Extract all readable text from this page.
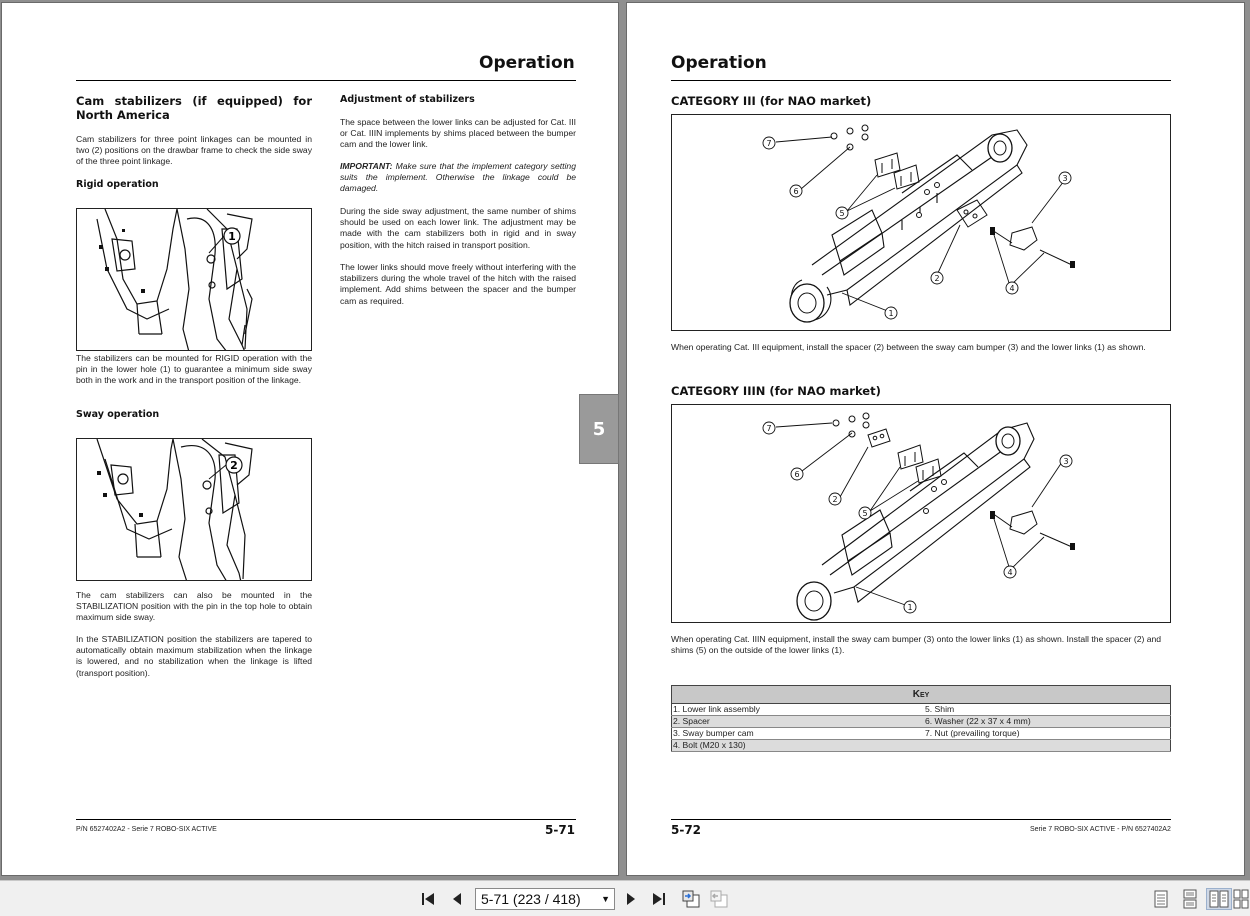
Operation
Cam stabilizers (if equipped) for North America
Cam stabilizers for three point linkages can be mounted in two (2) positions on the drawbar frame to check the side sway of the three point linkage.
Rigid operation
1
The stabilizers can be mounted for RIGID operation with the pin in the lower hole (1) to guarantee a minimum side sway both in the work and in the transport position of the linkage.
Sway operation
2
The cam stabilizers can also be mounted in the STABILIZATION position with the pin in the top hole to obtain maximum side sway.
In the STABILIZATION position the stabilizers are tapered to automatically obtain maximum stabilization when the linkage is lowered, and no stabilization when the linkage is lifted (transport position).
Adjustment of stabilizers
The space between the lower links can be adjusted for Cat. III or Cat. IIIN implements by shims placed between the bumper cam and the lower link.
IMPORTANT: Make sure that the implement category setting suits the implement. Otherwise the linkage could be damaged.
During the side sway adjustment, the same number of shims should be used on each lower link. The adjustment may be made with the cam stabilizers both in rigid and in sway position, with the hitch raised in transport position.
The lower links should move freely without interfering with the stabilizers during the whole travel of the hitch with the raised implement. Add shims between the spacer and the bumper cam as required.
P/N 6527402A2 - Serie 7 ROBO-SIX ACTIVE	5-71
5
Operation
CATEGORY III (for NAO market)
7
6
5
2
3
4
1
When operating Cat. III equipment, install the spacer (2) between the sway cam bumper (3) and the lower links (1) as shown.
CATEGORY IIIN (for NAO market)
7
6
2
5
3
4
1
When operating Cat. IIIN equipment, install the sway cam bumper (3) onto the lower links (1) as shown. Install the spacer (2) and shims (5) on the outside of the lower links (1).
Key	
1. Lower link assembly	5. Shim
2. Spacer	6. Washer (22 x 37 x 4 mm)
3. Sway bumper cam	7. Nut (prevailing torque)
4. Bolt (M20 x 130)	
5-72	Serie 7 ROBO-SIX ACTIVE - P/N 6527402A2
5-71 (223 / 418) ▼
